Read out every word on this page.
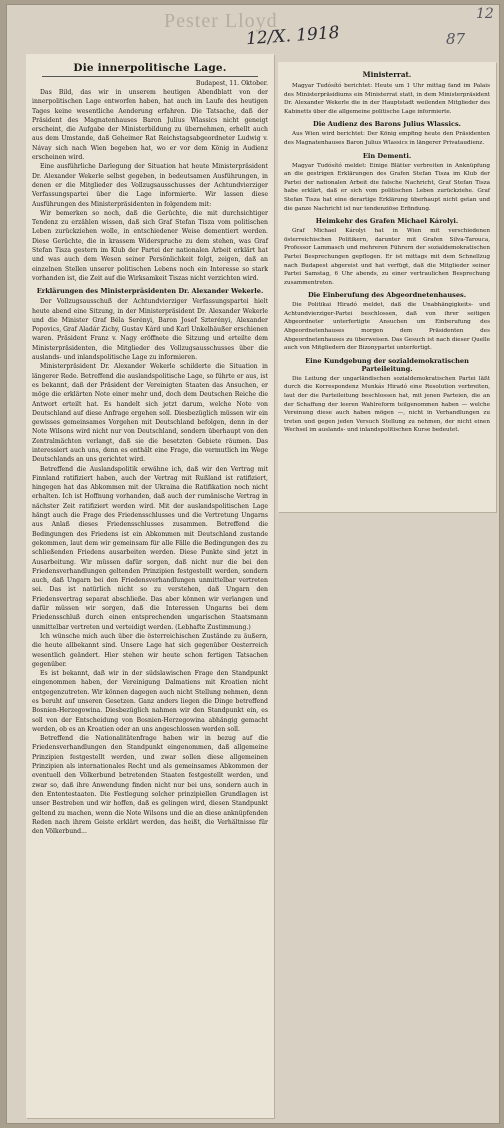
Pester Lloyd
12/X. 1918	87
12
Die innerpolitische Lage.
Budapest, 11. Oktober.

Das Bild, das wir in unserem heutigen Abendblatt von der innerpolitischen Lage entworfen haben, hat auch im Laufe des heutigen Tages keine wesentliche Aenderung erfahren. Die Tatsache, daß der Präsident des Magnatenhauses Baron Julius Wlassics nicht geneigt erscheint, die Aufgabe der Ministerbildung zu übernehmen, erhellt auch aus dem Umstande, daß Geheimer Rat Reichstagsabgeordneter Ludwig v. Návay sich nach Wien begeben hat, wo er vor dem König in Audienz erscheinen wird.

Eine ausführliche Darlegung der Situation hat heute Ministerpräsident Dr. Alexander Wekerle selbst gegeben, in bedeutsamen Ausführungen, in denen er die Mitglieder des Vollzugsausschusses der Achtundvierziger Verfassungspartei über die Lage informierte. Wir lassen diese Ausführungen des Ministerpräsidenten in folgendem mit:

Wir bemerken so noch, daß die Gerüchte, die mit durchsichtiger Tendenz zu erzählen wissen, daß sich Graf Stefan Tisza vom politischen Leben zurückziehen wolle, in entschiedener Weise dementiert werden. Diese Gerüchte, die in krassem Widerspruche zu dem stehen, was Graf Stefan Tisza gestern im Klub der Partei der nationalen Arbeit erklärt hat und was auch dem Wesen seiner Persönlichkeit folgt, zeigen, daß an einzelnen Stellen unserer politischen Lebens noch ein Interesse so stark vorhanden ist, die Zeit auf die Wirksamkeit Tiszas nicht verzichten wird.

Erklärungen des Ministerpräsidenten Dr. Alexander Wekerle.

Der Vollzugsausschuß der Achtundvierziger Verfassungspartei hielt heute abend eine Sitzung, in der Ministerpräsident Dr. Alexander Wekerle und die Minister Graf Béla Serényi, Baron Josef Szterényi, Alexander Popovics, Graf Aladár Zichy, Gustav Kárd und Karl Unkelhäußer erschienen waren. Präsident Franz v. Nagy eröffnete die Sitzung und erteilte dem Ministerpräsidenten, die Mitglieder des Vollzugsausschusses über die auslands- und inlandspolitische Lage zu informieren.

Ministerpräsident Dr. Alexander Wekerle schilderte die Situation in längerer Rede. Betreffend die auslandspolitische Lage, so führte er aus, ist es bekannt, daß der Präsident der Vereinigten Staaten das Ansuchen, er möge die erklärten Note einer mehr und, doch dem Deutschen Reiche die Antwort erteilt hat. Es handelt sich jetzt darum, welche Note von Deutschland auf diese Anfrage ergehen soll. Diesbezüglich müssen wir ein gewisses gemeinsames Vorgehen mit Deutschland befolgen, denn in der Note Wilsons wird nicht nur von Deutschland, sondern überhaupt von den Zentralmächten verlangt, daß sie die besetzten Gebiete räumen. Das interessiert auch uns, denn es enthält eine Frage, die vermutlich im Wege Deutschlands an uns gerichtet wird.

Betreffend die Auslandspolitik erwähne ich, daß wir den Vertrag mit Finnland ratifiziert haben, auch der Vertrag mit Rußland ist ratifiziert, hingegen hat das Abkommen mit der Ukraina die Ratifikation noch nicht erhalten. Ich ist Hoffnung vorhanden, daß auch der rumänische Vertrag in nächster Zeit ratifiziert werden wird. Mit der auslandspolitischen Lage hängt auch die Frage des Friedensschlusses und die Vertretung Ungarns aus Anlaß dieses Friedensschlusses zusammen. Betreffend die Bedingungen des Friedens ist ein Abkommen mit Deutschland zustande gekommen, laut dem wir gemeinsam für alle Fälle die Bedingungen des zu schließenden Friedens ausarbeiten werden. Diese Punkte sind jetzt in Ausarbeitung. Wir müssen dafür sorgen, daß nicht nur die bei den Friedensverhandlungen geltenden Prinzipien festgestellt werden, sondern auch, daß Ungarn bei den Friedensverhandlungen unmittelbar vertreten sei. Das ist natürlich nicht so zu verstehen, daß Ungarn den Friedensvertrag separat abschließe. Das aber können wir verlangen und dafür müssen wir sorgen, daß die Interessen Ungarns bei dem Friedensschluß durch einen entsprechenden ungarischen Staatsmann unmittelbar vertreten und verteidigt werden. (Lebhafte Zustimmung.)

Ich wünsche mich auch über die österreichischen Zustände zu äußern, die heute allbekannt sind. Unsere Lage hat sich gegenüber Oesterreich wesentlich geändert. Hier stehen wir heute schon fertigen Tatsachen gegenüber.

Es ist bekannt, daß wir in der südslawischen Frage den Standpunkt eingenommen haben, der Vereinigung Dalmatiens mit Kroatien nicht entgegenzutreten. Wir können dagegen auch nicht Stellung nehmen, denn es beruht auf unseren Gesetzen. Ganz anders liegen die Dinge betreffend Bosnien-Herzegowina. Diesbezüglich nahmen wir den Standpunkt ein, es soll von der Entscheidung von Bosnien-Herzegowina abhängig gemacht werden, ob es an Kroatien oder an uns angeschlossen werden soll.

Betreffend die Nationalitätenfrage haben wir in bezug auf die Friedensverhandlungen den Standpunkt eingenommen, daß allgemeine Prinzipien festgestellt werden, und zwar sollen diese allgemeinen Prinzipien als internationales Recht und als gemeinsames Abkommen der eventuell den Völkerbund betretenden Staaten festgestellt werden, und zwar so, daß ihre Anwendung finden nicht nur bei uns, sondern auch in den Ententestaaten. Die Festlegung solcher prinzipiellen Grundlagen ist unser Bestreben und wir hoffen, daß es gelingen wird, diesen Standpunkt geltend zu machen, wenn die Note Wilsons und die an diese anknüpfenden Reden nach ihrem Geiste erklärt werden, das heißt, die Verhältnisse für den Völkerbund...

Ministerrat.

Magyar Tudósító berichtet: Heute um 1 Uhr mittag fand im Palais des Ministerpräsidiums ein Ministerrat statt, in dem Ministerpräsident Dr. Alexander Wekerle die in der Hauptstadt weilenden Mitglieder des Kabinetts über die allgemeine politische Lage informierte.

Die Audienz des Barons Julius Wlassics.

Aus Wien wird berichtet: Der König empfing heute den Präsidenten des Magnatenhauses Baron Julius Wlassics in längerer Privataudienz.

Ein Dementi.

Magyar Tudósító meldet: Einige Blätter verbreiten in Anknüpfung an die gestrigen Erklärungen des Grafen Stefan Tisza im Klub der Partei der nationalen Arbeit die falsche Nachricht, Graf Stefan Tisza habe erklärt, daß er sich vom politischen Leben zurückziehe. Graf Stefan Tisza hat eine derartige Erklärung überhaupt nicht getan und die ganze Nachricht ist nur tendenziöse Erfindung.

Heimkehr des Grafen Michael Károlyi.

Graf Michael Károlyi hat in Wien mit verschiedenen österreichischen Politikern, darunter mit Grafen Silva-Tarouca, Professor Lammasch und mehreren Führern der sozialdemokratischen Partei Besprechungen gepflogen. Er ist mittags mit dem Schnellzug nach Budapest abgereist und hat verfügt, daß die Mitglieder seiner Partei Samstag, 6 Uhr abends, zu einer vertraulichen Besprechung zusammentreten.

Die Einberufung des Abgeordnetenhauses.

Die Politikai Hiradó meldet, daß die Unabhängigkeits- und Achtundvierziger-Partei beschlossen, daß von ihrer seitigen Abgeordneter unterfertigte Ansuchen um Einberufung des Abgeordnetenhauses morgen dem Präsidenten des Abgeordnetenhauses zu überweisen. Das Gesuch ist nach dieser Quelle auch von Mitgliedern der Bizonypartei unterfertigt.

Eine Kundgebung der sozialdemokratischen Parteileitung.

Die Leitung der ungarländischen sozialdemokratischen Partei läßt durch die Korrespondenz Munkás Hiradó eine Resolution verbreiten, laut der die Parteileitung beschlossen hat, mit jenen Parteien, die an der Schaffung der leeren Wahlreform teilgenommen haben — welche Vereinung diese auch haben mögen —, nicht in Verhandlungen zu treten und gegen jeden Versuch Stellung zu nehmen, der nicht einen Wechsel im auslands- und inlandspolitischen Kurse bedeutet.
